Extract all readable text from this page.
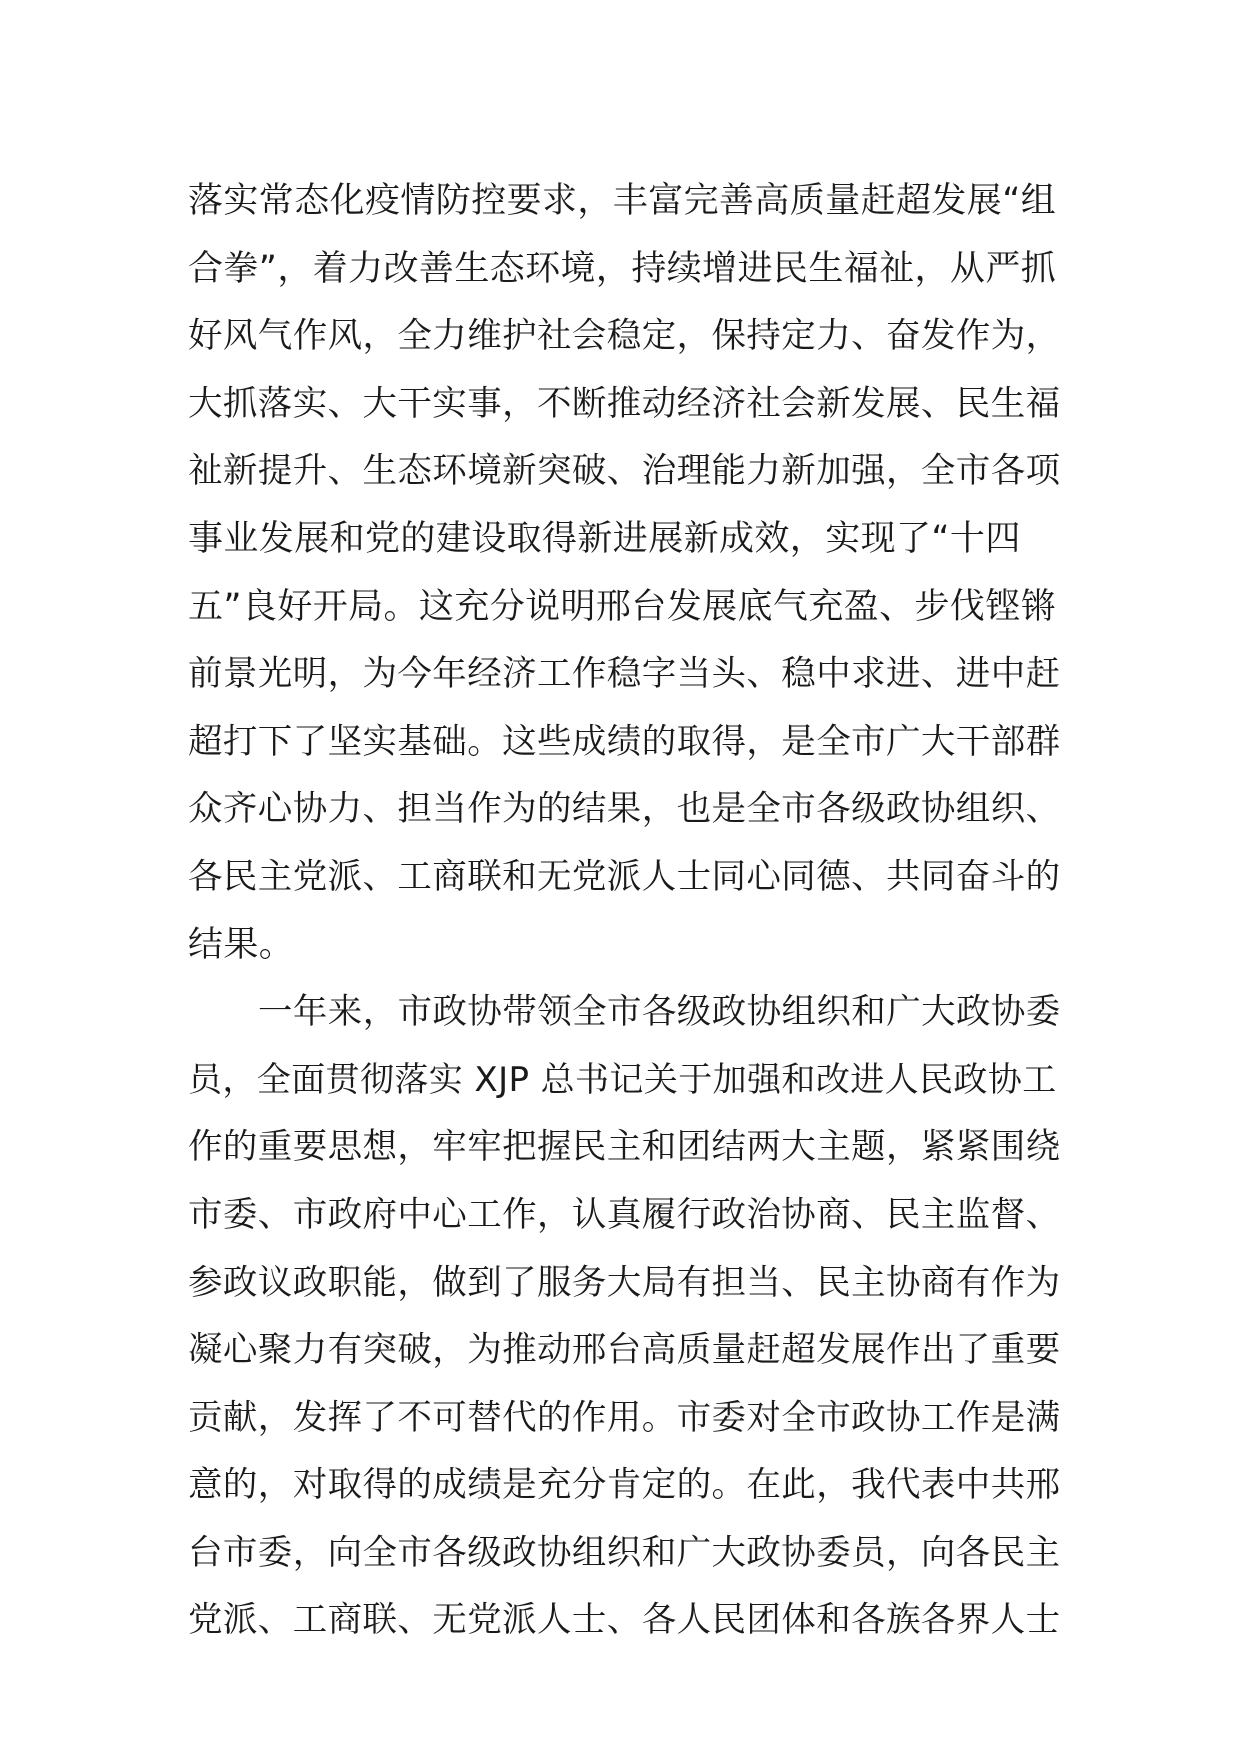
落实常态化疫情防控要求，丰富完善高质量赶超发展“组
合拳”，着力改善生态环境，持续增进民生福祉，从严抓
好风气作风，全力维护社会稳定，保持定力、奋发作为，
大抓落实、大干实事，不断推动经济社会新发展、民生福
祉新提升、生态环境新突破、治理能力新加强，全市各项
事业发展和党的建设取得新进展新成效，实现了“十四
五”良好开局。这充分说明邢台发展底气充盈、步伐铿锵
前景光明，为今年经济工作稳字当头、稳中求进、进中赶
超打下了坚实基础。这些成绩的取得，是全市广大干部群
众齐心协力、担当作为的结果，也是全市各级政协组织、
各民主党派、工商联和无党派人士同心同德、共同奋斗的
结果。
一年来，市政协带领全市各级政协组织和广大政协委
员，全面贯彻落实 XJP 总书记关于加强和改进人民政协工
作的重要思想，牢牢把握民主和团结两大主题，紧紧围绕
市委、市政府中心工作，认真履行政治协商、民主监督、
参政议政职能，做到了服务大局有担当、民主协商有作为
凝心聚力有突破，为推动邢台高质量赶超发展作出了重要
贡献，发挥了不可替代的作用。市委对全市政协工作是满
意的，对取得的成绩是充分肯定的。在此，我代表中共邢
台市委，向全市各级政协组织和广大政协委员，向各民主
党派、工商联、无党派人士、各人民团体和各族各界人士
